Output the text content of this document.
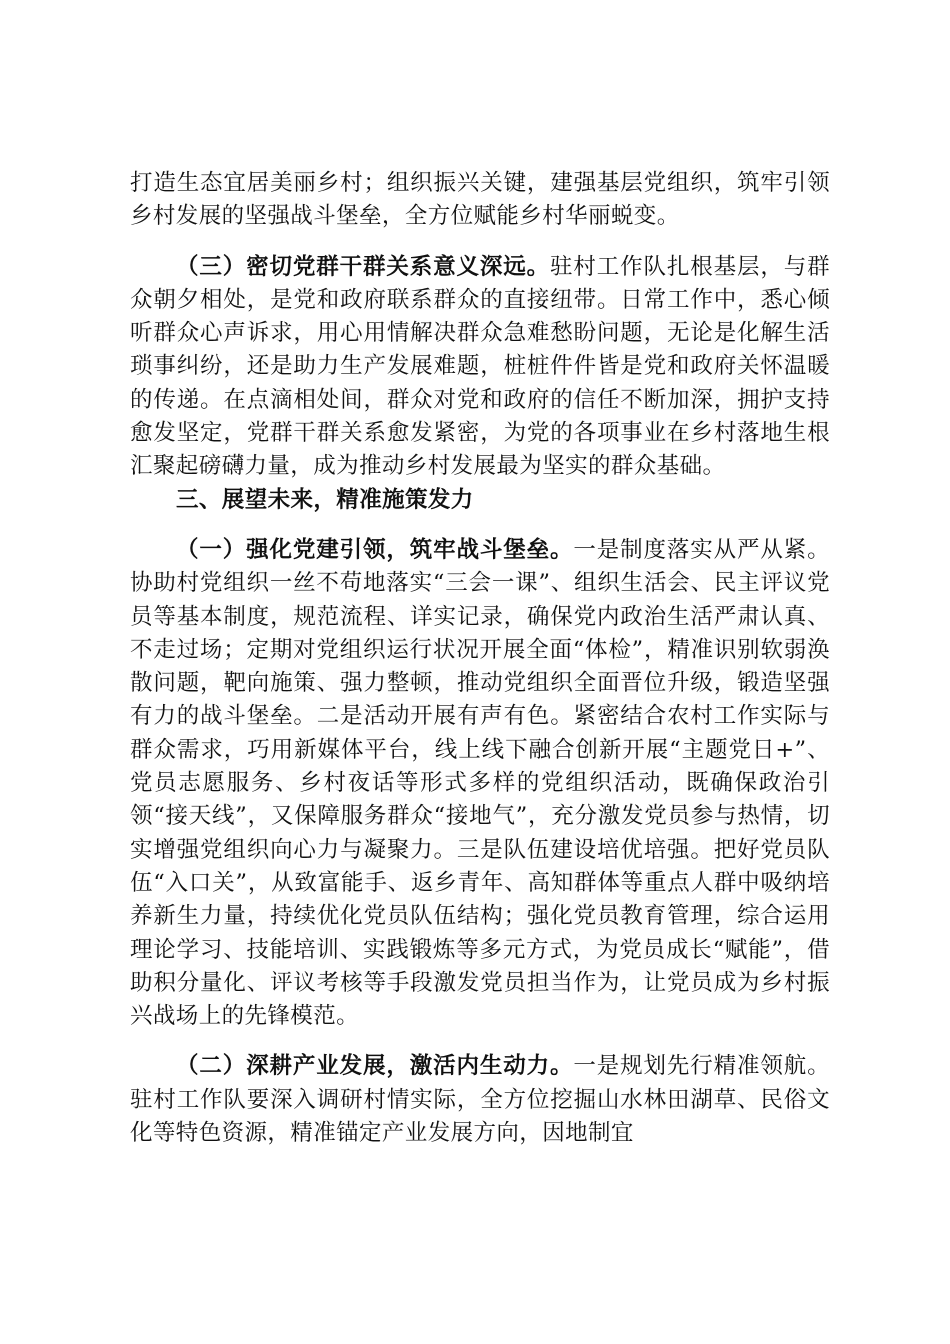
打造生态宜居美丽乡村；组织振兴关键，建强基层党组织，筑牢引领乡村发展的坚强战斗堡垒，全方位赋能乡村华丽蜕变。

（三）密切党群干群关系意义深远。驻村工作队扎根基层，与群众朝夕相处，是党和政府联系群众的直接纽带。日常工作中，悉心倾听群众心声诉求，用心用情解决群众急难愁盼问题，无论是化解生活琐事纠纷，还是助力生产发展难题，桩桩件件皆是党和政府关怀温暖的传递。在点滴相处间，群众对党和政府的信任不断加深，拥护支持愈发坚定，党群干群关系愈发紧密，为党的各项事业在乡村落地生根汇聚起磅礴力量，成为推动乡村发展最为坚实的群众基础。

三、展望未来，精准施策发力

（一）强化党建引领，筑牢战斗堡垒。一是制度落实从严从紧。协助村党组织一丝不苟地落实“三会一课”、组织生活会、民主评议党员等基本制度，规范流程、详实记录，确保党内政治生活严肃认真、不走过场；定期对党组织运行状况开展全面“体检”，精准识别软弱涣散问题，靶向施策、强力整顿，推动党组织全面晋位升级，锻造坚强有力的战斗堡垒。二是活动开展有声有色。紧密结合农村工作实际与群众需求，巧用新媒体平台，线上线下融合创新开展“主题党日+”、党员志愿服务、乡村夜话等形式多样的党组织活动，既确保政治引领“接天线”，又保障服务群众“接地气”，充分激发党员参与热情，切实增强党组织向心力与凝聚力。三是队伍建设培优培强。把好党员队伍“入口关”，从致富能手、返乡青年、高知群体等重点人群中吸纳培养新生力量，持续优化党员队伍结构；强化党员教育管理，综合运用理论学习、技能培训、实践锻炼等多元方式，为党员成长“赋能”，借助积分量化、评议考核等手段激发党员担当作为，让党员成为乡村振兴战场上的先锋模范。

（二）深耕产业发展，激活内生动力。一是规划先行精准领航。驻村工作队要深入调研村情实际，全方位挖掘山水林田湖草、民俗文化等特色资源，精准锚定产业发展方向，因地制宜
